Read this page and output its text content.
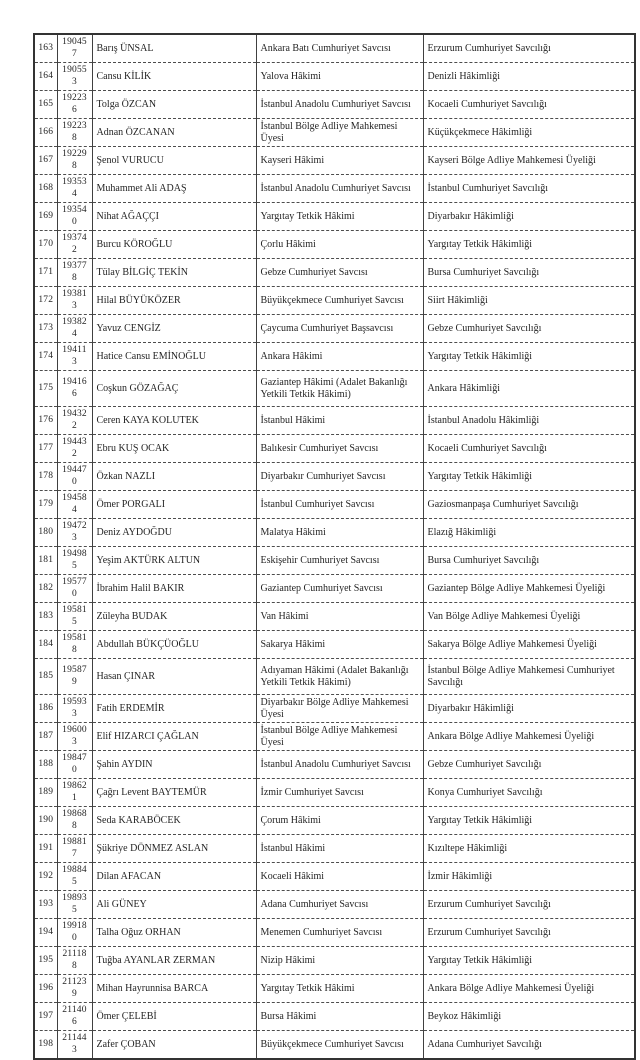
163	190457	Barış ÜNSAL	Ankara Batı Cumhuriyet Savcısı	Erzurum Cumhuriyet Savcılığı
164	190553	Cansu KİLİK	Yalova Hâkimi	Denizli Hâkimliği
165	192236	Tolga ÖZCAN	İstanbul Anadolu Cumhuriyet Savcısı	Kocaeli Cumhuriyet Savcılığı
166	192238	Adnan ÖZCANAN	İstanbul Bölge Adliye Mahkemesi Üyesi	Küçükçekmece Hâkimliği
167	192298	Şenol VURUCU	Kayseri Hâkimi	Kayseri Bölge Adliye Mahkemesi Üyeliği
168	193534	Muhammet Ali ADAŞ	İstanbul Anadolu Cumhuriyet Savcısı	İstanbul Cumhuriyet Savcılığı
169	193540	Nihat AĞAÇÇI	Yargıtay Tetkik Hâkimi	Diyarbakır Hâkimliği
170	193742	Burcu KÖROĞLU	Çorlu Hâkimi	Yargıtay Tetkik Hâkimliği
171	193778	Tülay BİLGİÇ TEKİN	Gebze Cumhuriyet Savcısı	Bursa Cumhuriyet Savcılığı
172	193813	Hilal BÜYÜKÖZER	Büyükçekmece Cumhuriyet Savcısı	Siirt Hâkimliği
173	193824	Yavuz CENGİZ	Çaycuma Cumhuriyet Başsavcısı	Gebze Cumhuriyet Savcılığı
174	194113	Hatice Cansu EMİNOĞLU	Ankara Hâkimi	Yargıtay Tetkik Hâkimliği
175	194166	Coşkun GÖZAĞAÇ	Gaziantep Hâkimi (Adalet Bakanlığı Yetkili Tetkik Hâkimi)	Ankara Hâkimliği
176	194322	Ceren KAYA KOLUTEK	İstanbul Hâkimi	İstanbul Anadolu Hâkimliği
177	194432	Ebru KUŞ OCAK	Balıkesir Cumhuriyet Savcısı	Kocaeli Cumhuriyet Savcılığı
178	194470	Özkan NAZLI	Diyarbakır Cumhuriyet Savcısı	Yargıtay Tetkik Hâkimliği
179	194584	Ömer PORGALI	İstanbul Cumhuriyet Savcısı	Gaziosmanpaşa Cumhuriyet Savcılığı
180	194723	Deniz AYDOĞDU	Malatya Hâkimi	Elazığ Hâkimliği
181	194985	Yeşim AKTÜRK ALTUN	Eskişehir Cumhuriyet Savcısı	Bursa Cumhuriyet Savcılığı
182	195770	İbrahim Halil BAKIR	Gaziantep Cumhuriyet Savcısı	Gaziantep Bölge Adliye Mahkemesi Üyeliği
183	195815	Züleyha BUDAK	Van Hâkimi	Van Bölge Adliye Mahkemesi Üyeliği
184	195818	Abdullah BÜKÇÜOĞLU	Sakarya Hâkimi	Sakarya Bölge Adliye Mahkemesi Üyeliği
185	195879	Hasan ÇINAR	Adıyaman Hâkimi (Adalet Bakanlığı Yetkili Tetkik Hâkimi)	İstanbul Bölge Adliye Mahkemesi Cumhuriyet Savcılığı
186	195933	Fatih ERDEMİR	Diyarbakır Bölge Adliye Mahkemesi Üyesi	Diyarbakır Hâkimliği
187	196003	Elif HIZARCI ÇAĞLAN	İstanbul Bölge Adliye Mahkemesi Üyesi	Ankara Bölge Adliye Mahkemesi Üyeliği
188	198470	Şahin AYDIN	İstanbul Anadolu Cumhuriyet Savcısı	Gebze Cumhuriyet Savcılığı
189	198621	Çağrı Levent BAYTEMÜR	İzmir Cumhuriyet Savcısı	Konya Cumhuriyet Savcılığı
190	198688	Seda KARABÖCEK	Çorum Hâkimi	Yargıtay Tetkik Hâkimliği
191	198817	Şükriye DÖNMEZ ASLAN	İstanbul Hâkimi	Kızıltepe Hâkimliği
192	198845	Dilan AFACAN	Kocaeli Hâkimi	İzmir Hâkimliği
193	198935	Ali GÜNEY	Adana Cumhuriyet Savcısı	Erzurum Cumhuriyet Savcılığı
194	199180	Talha Oğuz ORHAN	Menemen Cumhuriyet Savcısı	Erzurum Cumhuriyet Savcılığı
195	211188	Tuğba AYANLAR ZERMAN	Nizip Hâkimi	Yargıtay Tetkik Hâkimliği
196	211239	Mihan Hayrunnisa BARCA	Yargıtay Tetkik Hâkimi	Ankara Bölge Adliye Mahkemesi Üyeliği
197	211406	Ömer ÇELEBİ	Bursa Hâkimi	Beykoz Hâkimliği
198	211443	Zafer ÇOBAN	Büyükçekmece Cumhuriyet Savcısı	Adana Cumhuriyet Savcılığı
